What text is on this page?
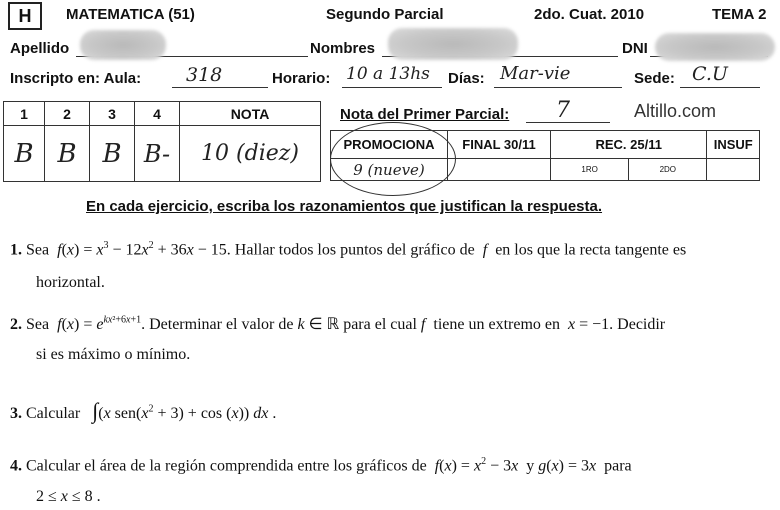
H	MATEMATICA (51)	Segundo Parcial	2do. Cuat. 2010	TEMA 2
Apellido	Nombres	DNI
Inscripto en: Aula: 318	Horario: 10 a 13hs Días: Mar-vie	Sede: C.U
1	2	3	4	NOTA
B	B	B	B-	10 (diez)
Nota del Primer Parcial: 7	Altillo.com
PROMOCIONA	FINAL 30/11	REC. 25/11		INSUF
9 (nueve)		1RO	2DO	
En cada ejercicio, escriba los razonamientos que justifican la respuesta.
1. Sea $f(x) = x^3 - 12x^2 + 36x - 15$. Hallar todos los puntos del gráfico de f en los que la recta tangente es
horizontal.
2. Sea $f(x) = e^{kx^2+6x+1}$. Determinar el valor de k ∈ ℝ para el cual f tiene un extremo en x = −1. Decidir
si es máximo o mínimo.
3. Calcular ∫(x $sen(x^2 + 3) + \cos (x)$) dx .
4. Calcular el área de la región comprendida entre los gráficos de $f(x) = x^2 - 3x$ y g(x) = 3x para
2 ≤ x ≤ 8 .
